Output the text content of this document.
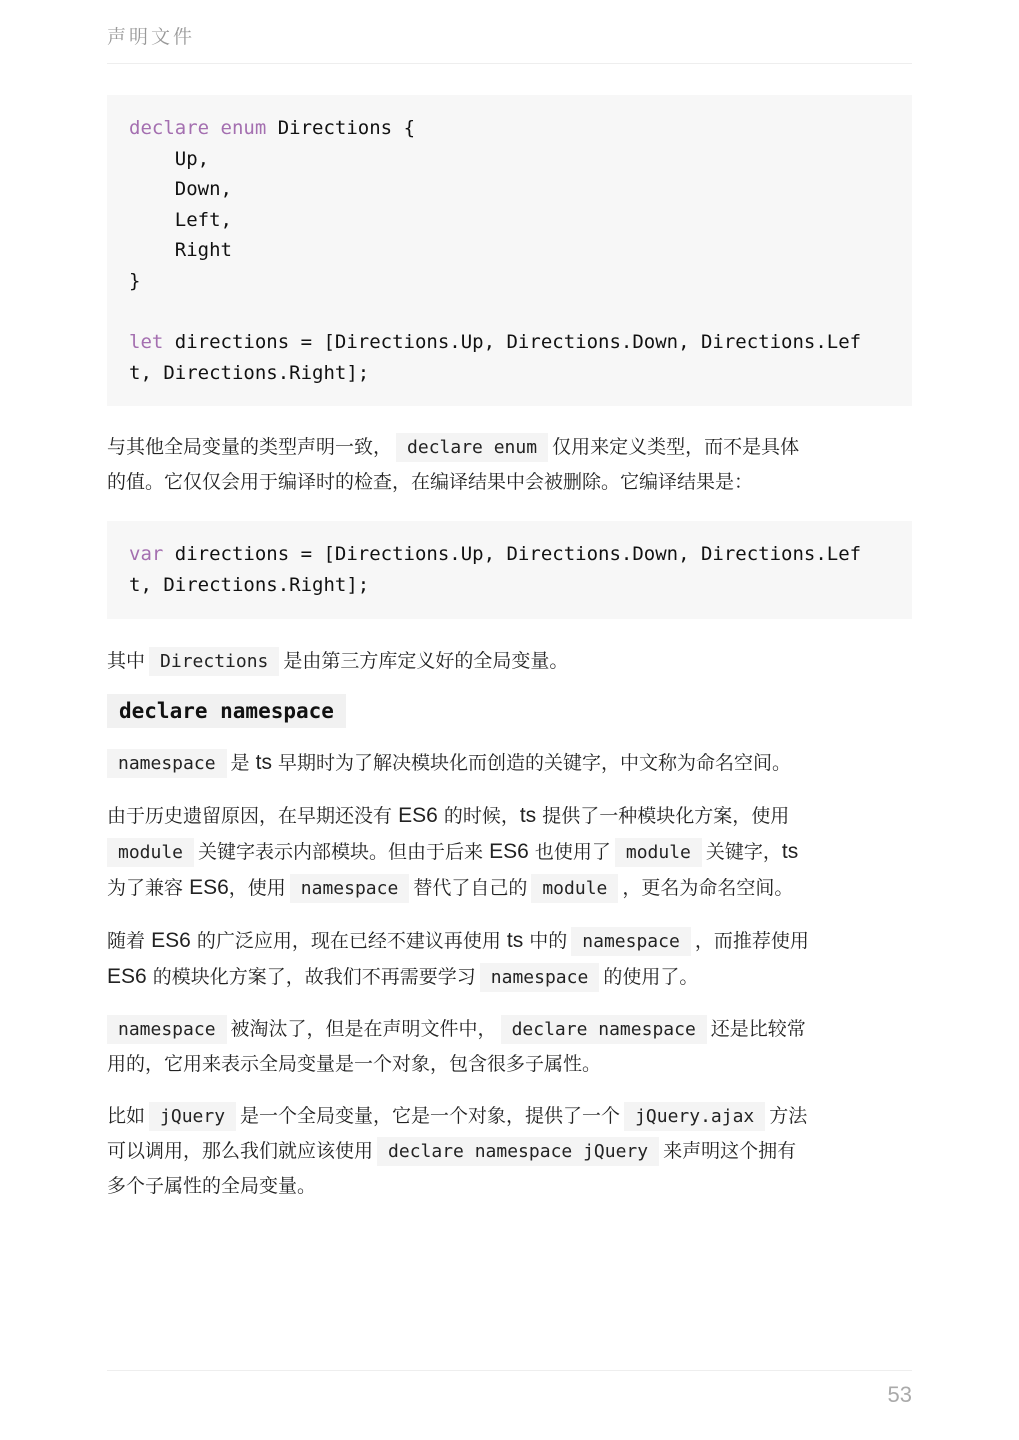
声明文件
declare enum Directions {
Up,
Down,
Left,
Right
}

let directions = [Directions.Up, Directions.Down, Directions.Lef
t, Directions.Right];

与其他全局变量的类型声明一致， declare enum 仅用来定义类型，而不是具体
的值。它仅仅会用于编译时的检查，在编译结果中会被删除。它编译结果是：

var directions = [Directions.Up, Directions.Down, Directions.Lef
t, Directions.Right];

其中 Directions 是由第三方库定义好的全局变量。

declare namespace

namespace 是 ts 早期时为了解决模块化而创造的关键字，中文称为命名空间。

由于历史遗留原因，在早期还没有 ES6 的时候，ts 提供了一种模块化方案，使用
module 关键字表示内部模块。但由于后来 ES6 也使用了 module 关键字，ts
为了兼容 ES6，使用 namespace 替代了自己的 module ，更名为命名空间。

随着 ES6 的广泛应用，现在已经不建议再使用 ts 中的 namespace ，而推荐使用
ES6 的模块化方案了，故我们不再需要学习 namespace 的使用了。

namespace 被淘汰了，但是在声明文件中， declare namespace 还是比较常
用的，它用来表示全局变量是一个对象，包含很多子属性。

比如 jQuery 是一个全局变量，它是一个对象，提供了一个 jQuery.ajax 方法
可以调用，那么我们就应该使用 declare namespace jQuery 来声明这个拥有
多个子属性的全局变量。

53
